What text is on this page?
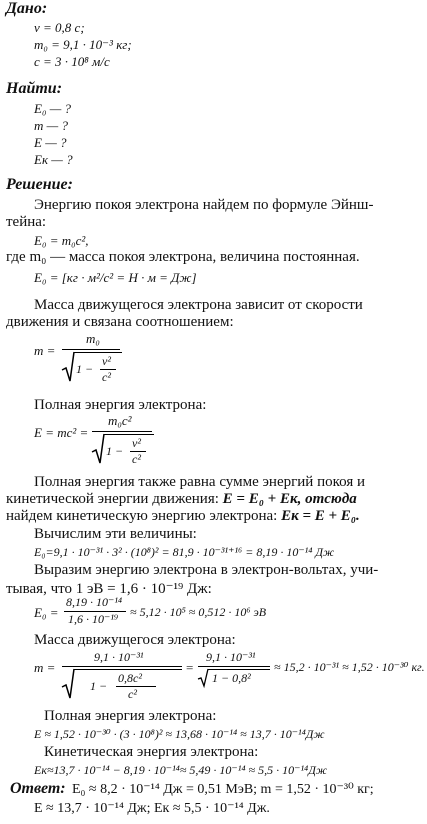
Дано:
v = 0,8 c;
m₀ = 9,1 · 10⁻³ кг;
c = 3 · 10⁸ м/с
Найти:
E₀ — ?
m — ?
E — ?
Eк — ?
Решение:
Энергию покоя электрона найдем по формуле Эйнш-
тейна:
E₀ = m₀c²,
где m₀ — масса покоя электрона, величина постоянная.
E₀ = [кг · м²/с² = Н · м = Дж]
Масса движущегося электрона зависит от скорости
движения и связана соотношением:
m =
m₀
1 −
v²
c²
Полная энергия электрона:
E = mc² =
m₀c²
1 −
v²
c²
Полная энергия также равна сумме энергий покоя и
кинетической энергии движения: E = E₀ + Eк, отсюда
найдем кинетическую энергию электрона: Eк = E + E₀.
Вычислим эти величины:
E₀=9,1 · 10⁻³¹ · 3² · (10⁸)² = 81,9 · 10⁻³¹⁺¹⁶ = 8,19 · 10⁻¹⁴ Дж
Выразим энергию электрона в электрон-вольтах, учи-
тывая, что 1 эВ = 1,6 · 10⁻¹⁹ Дж:
E₀ =
8,19 · 10⁻¹⁴
1,6 · 10⁻¹⁹ ≈ 5,12 · 10⁵ ≈ 0,512 · 10⁶ эВ
Масса движущегося электрона:
m =
9,1 · 10⁻³¹
1 −
0,8c²
c²
=
9,1 · 10⁻³¹
1 − 0,8²
≈ 15,2 · 10⁻³¹ ≈ 1,52 · 10⁻³⁰ кг.
Полная энергия электрона:
E ≈ 1,52 · 10⁻³⁰ · (3 · 10⁸)² ≈ 13,68 · 10⁻¹⁴ ≈ 13,7 · 10⁻¹⁴Дж
Кинетическая энергия электрона:
Eк≈13,7 · 10⁻¹⁴ − 8,19 · 10⁻¹⁴≈ 5,49 · 10⁻¹⁴ ≈ 5,5 · 10⁻¹⁴Дж
Ответ: E₀ ≈ 8,2 · 10⁻¹⁴ Дж = 0,51 МэВ; m = 1,52 · 10⁻³⁰ кг;
E ≈ 13,7 · 10⁻¹⁴ Дж; Eк ≈ 5,5 · 10⁻¹⁴ Дж.
